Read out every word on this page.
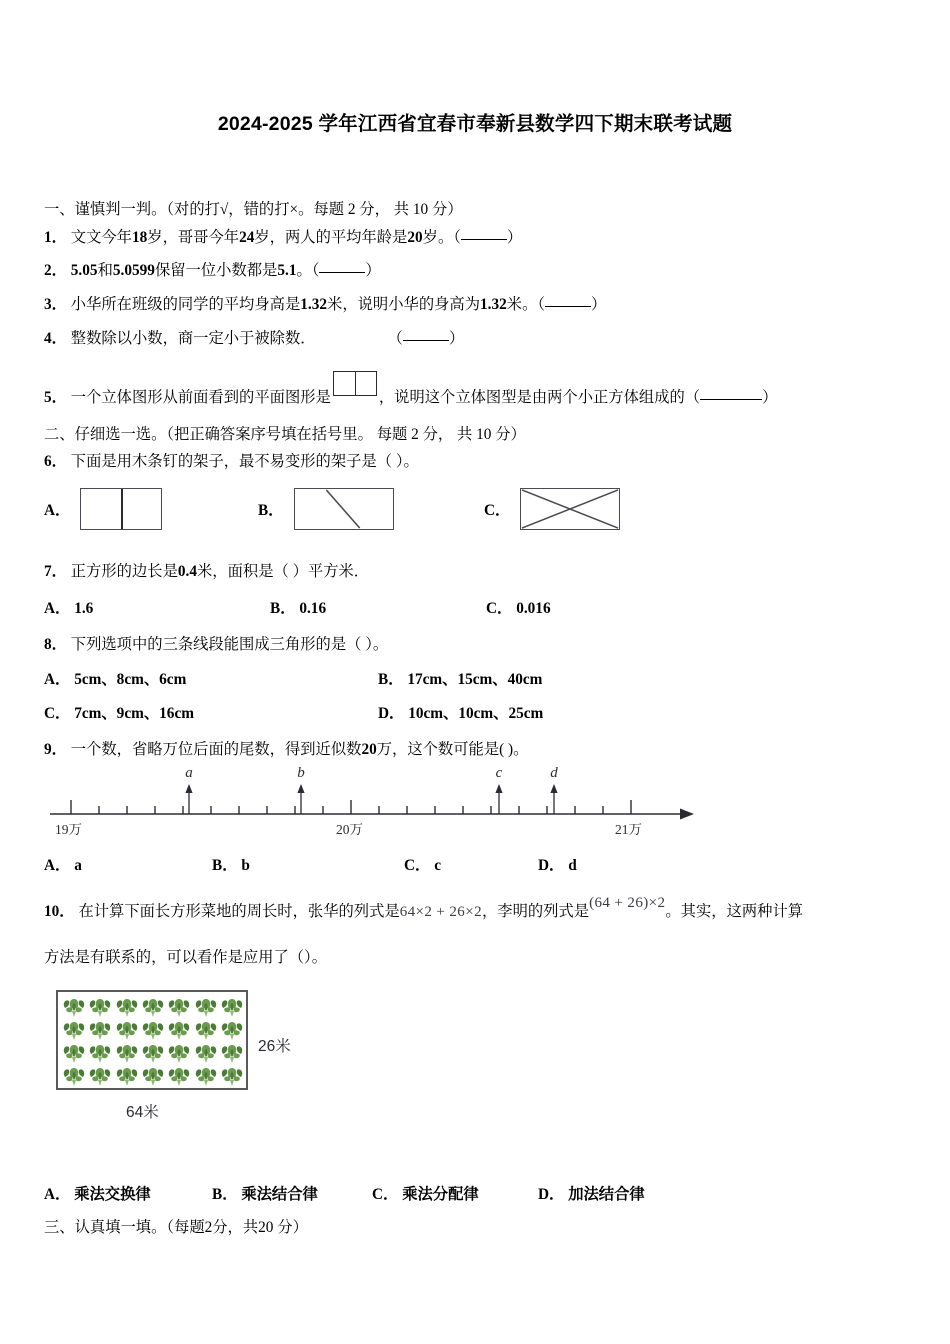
2024-2025 学年江西省宜春市奉新县数学四下期末联考试题
一、谨慎判一判。（对的打√，错的打×。每题 2 分， 共 10 分）
1． 文文今年18岁，哥哥今年24岁，两人的平均年龄是20岁。（	）
2． 5.05和5.0599保留一位小数都是5.1。（	）
3． 小华所在班级的同学的平均身高是1.32米，说明小华的身高为1.32米。（	）
4． 整数除以小数，商一定小于被除数．	（	）
5． 一个立体图形从前面看到的平面图形是	，说明这个立体图型是由两个小正方体组成的（	）
二、仔细选一选。（把正确答案序号填在括号里。 每题 2 分， 共 10 分）
6． 下面是用木条钉的架子，最不易变形的架子是（ ）。
A．	B．	C．
7． 正方形的边长是0.4米，面积是（ ）平方米．
A． 1.6	B． 0.16	C． 0.016
8． 下列选项中的三条线段能围成三角形的是（ ）。
A． 5cm、8cm、6cm	B． 17cm、15cm、40cm
C． 7cm、9cm、16cm	D． 10cm、10cm、25cm
9． 一个数，省略万位后面的尾数，得到近似数20万，这个数可能是( )。
a	b	c	d
19万	20万	21万
A． a	B． b	C． c	D． d
10． 在计算下面长方形菜地的周长时，张华的列式是64×2 + 26×2，李明的列式是(64 + 26)×2。其实，这两种计算
方法是有联系的，可以看作是应用了（）。
26米
64米
A． 乘法交换律	B． 乘法结合律	C． 乘法分配律	D． 加法结合律
三、认真填一填。（每题2分，共20 分）
